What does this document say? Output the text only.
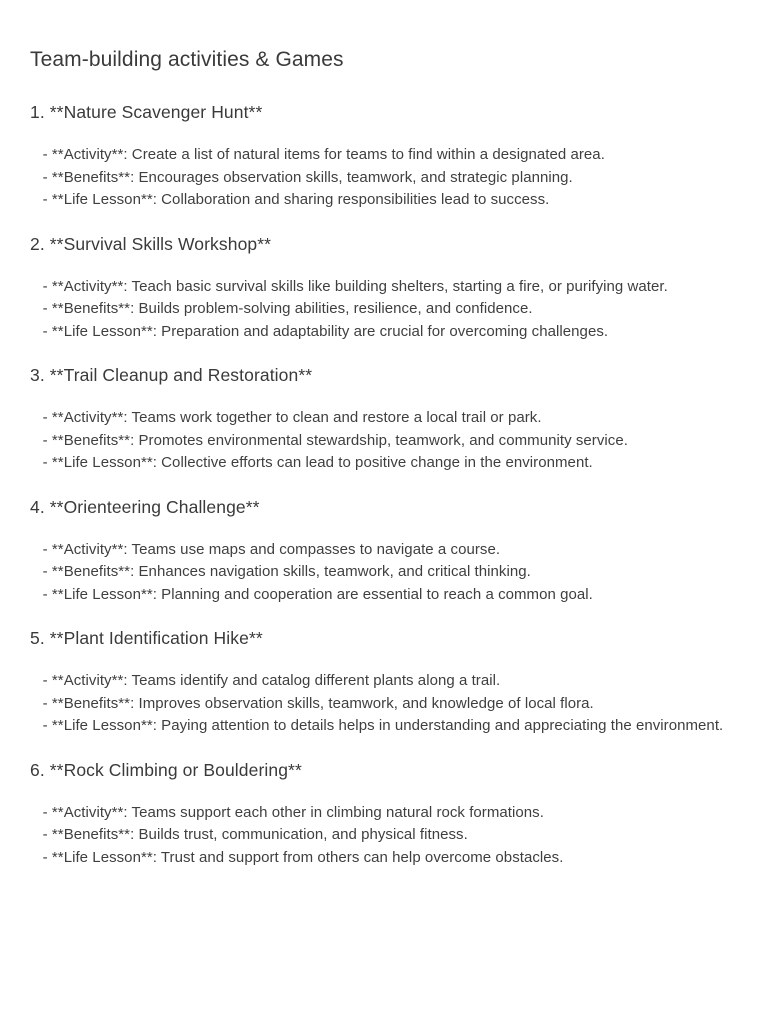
Team-building activities & Games
1. **Nature Scavenger Hunt**

- **Activity**: Create a list of natural items for teams to find within a designated area.

- **Benefits**: Encourages observation skills, teamwork, and strategic planning.

- **Life Lesson**: Collaboration and sharing responsibilities lead to success.

2. **Survival Skills Workshop**

- **Activity**: Teach basic survival skills like building shelters, starting a fire, or purifying water.

- **Benefits**: Builds problem-solving abilities, resilience, and confidence.

- **Life Lesson**: Preparation and adaptability are crucial for overcoming challenges.

3. **Trail Cleanup and Restoration**

- **Activity**: Teams work together to clean and restore a local trail or park.

- **Benefits**: Promotes environmental stewardship, teamwork, and community service.

- **Life Lesson**: Collective efforts can lead to positive change in the environment.

4. **Orienteering Challenge**

- **Activity**: Teams use maps and compasses to navigate a course.

- **Benefits**: Enhances navigation skills, teamwork, and critical thinking.

- **Life Lesson**: Planning and cooperation are essential to reach a common goal.

5. **Plant Identification Hike**

- **Activity**: Teams identify and catalog different plants along a trail.

- **Benefits**: Improves observation skills, teamwork, and knowledge of local flora.

- **Life Lesson**: Paying attention to details helps in understanding and appreciating the environment.

6. **Rock Climbing or Bouldering**

- **Activity**: Teams support each other in climbing natural rock formations.

- **Benefits**: Builds trust, communication, and physical fitness.

- **Life Lesson**: Trust and support from others can help overcome obstacles.
